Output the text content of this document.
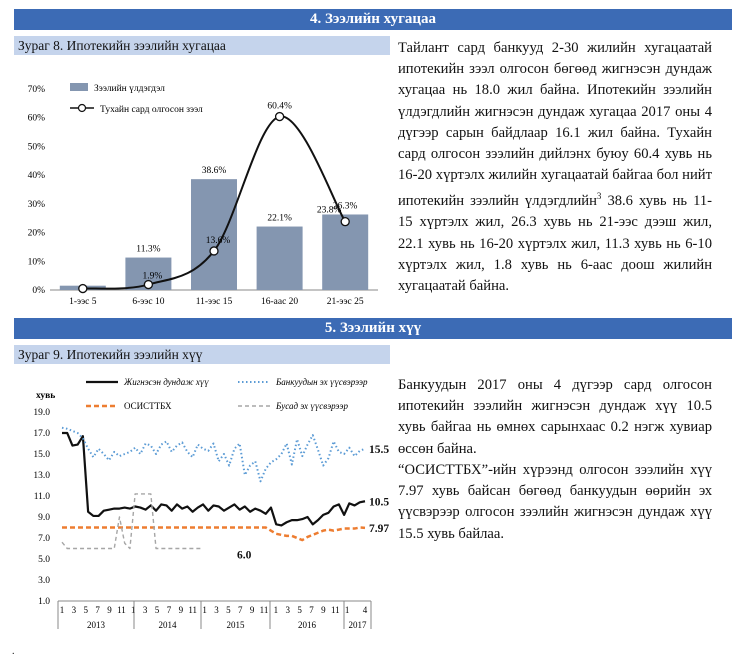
4. Зээлийн хугацаа
Зураг 8. Ипотекийн зээлийн хугацаа
0%
10%
20%
30%
40%
50%
60%
70%
11.3%
38.6%
22.1%
26.3%
1-ээс 5	6-ээс 10	11-ээс 15	16-аас 20	21-ээс 25
1.9%
13.6%
60.4%
23.8%
Зээлийн үлдэгдэл
Тухайн сард олгосон зээл

Тайлант сард банкууд 2-30 жилийн хугацаатай ипотекийн зээл олгосон бөгөөд жигнэсэн дундаж хугацаа нь 18.0 жил байна. Ипотекийн зээлийн үлдэгдлийн жигнэсэн дундаж хугацаа 2017 оны 4 дүгээр сарын байдлаар 16.1 жил байна. Тухайн сард олгосон зээлийн дийлэнх буюу 60.4 хувь нь 16-20 хүртэлх жилийн хугацаатай байгаа бол нийт ипотекийн зээлийн үлдэгдлийн$^3$ 38.6 хувь нь 11-15 хүртэлх жил, 26.3 хувь нь 21-ээс дээш жил, 22.1 хувь нь 16-20 хүртэлх жил, 11.3 хувь нь 6-10 хүртэлх жил, 1.8 хувь нь 6-аас доош жилийн хугацаатай байна.

5. Зээлийн хүү
Зураг 9. Ипотекийн зээлийн хүү
хувь
1.0
3.0
5.0
7.0
9.0
11.0
13.0
15.0
17.0
19.0
1 3 5 7 9 11 1 3 5 7 9 11 1 3 5 7 9 11 1 3 5 7 9 11 1 4
2013	2014	2015	2016	2017
10.5
7.97
15.5
6.0
Жигнэсэн дундаж хүү	Банкуудын эх үүсвэрээр
ОСИСТТБХ	Бусад эх үүсвэрээр

Банкуудын 2017 оны 4 дүгээр сард олгосон ипотекийн зээлийн жигнэсэн дундаж хүү 10.5 хувь байгаа нь өмнөх сарынхаас 0.2 нэгж хувиар өссөн байна.

“ОСИСТТБХ”-ийн хүрээнд олгосон зээлийн хүү 7.97 хувь байсан бөгөөд банкуудын өөрийн эх үүсвэрээр олгосон зээлийн жигнэсэн дундаж хүү 15.5 хувь байлаа.

.
